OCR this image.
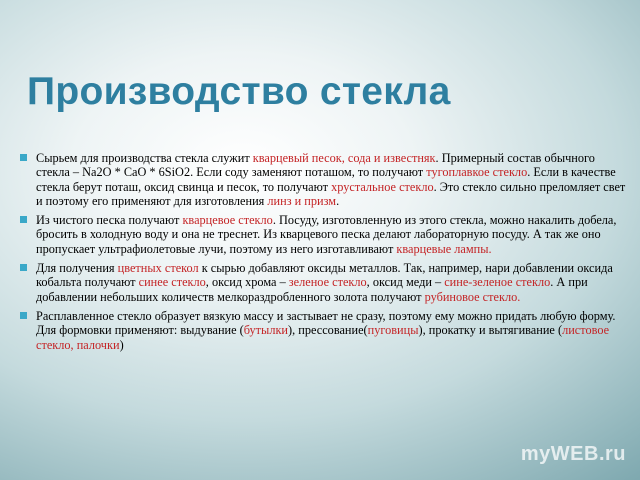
Производство стекла

Сырьем для производства стекла служит кварцевый песок, сода и известняк. Примерный состав обычного стекла – Na2O * CaO * 6SiO2. Если соду заменяют поташом, то получают тугоплавкое стекло. Если в качестве стекла берут поташ, оксид свинца и песок, то получают хрустальное стекло. Это стекло сильно преломляет свет и поэтому его применяют для изготовления линз и призм.

Из чистого песка получают кварцевое стекло. Посуду, изготовленную из этого стекла, можно накалить добела, бросить в холодную воду и она не треснет. Из кварцевого песка делают лабораторную посуду. А так же оно пропускает ультрафиолетовые лучи, поэтому из него изготавливают кварцевые лампы.

Для получения цветных стекол к сырью добавляют оксиды металлов. Так, например, нари добавлении оксида кобальта получают синее стекло, оксид хрома – зеленое стекло, оксид меди – сине-зеленое стекло. А при добавлении небольших количеств мелкораздробленного золота получают рубиновое стекло.

Расплавленное стекло образует вязкую массу и застывает не сразу, поэтому ему можно придать любую форму. Для формовки применяют: выдувание (бутылки), прессование(пуговицы), прокатку и вытягивание (листовое стекло, палочки)

myWEB.ru
